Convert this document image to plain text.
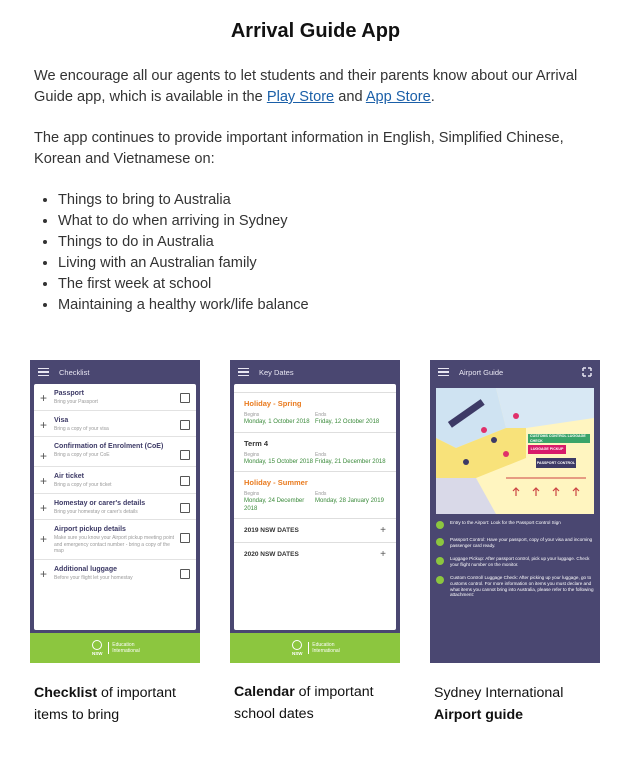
Arrival Guide App

We encourage all our agents to let students and their parents know about our Arrival Guide app, which is available in the Play Store and App Store.

The app continues to provide important information in English, Simplified Chinese, Korean and Vietnamese on:

• Things to bring to Australia
• What to do when arriving in Sydney
• Things to do in Australia
• Living with an Australian family
• The first week at school
• Maintaining a healthy work/life balance
Checklist
+ Passport
Bring your Passport
+ Visa
Bring a copy of your visa
+
Confirmation of Enrolment (CoE)
Bring a copy of your CoE
+ Air ticket
Bring a copy of your ticket
+ Homestay or carer's details
Bring your homestay or carer's details
+
Airport pickup details
Make sure you know your Airport pickup meeting point and emergency contact number - bring a copy of the map
+ Additional luggage
Before your flight let your homestay
NSW
Education
International
Key Dates
Holiday - Spring
Begins
Monday, 1 October 2018
Ends
Friday, 12 October 2018
Term 4
Begins
Monday, 15 October 2018
Ends
Friday, 21 December 2018
Holiday - Summer
Begins
Monday, 24 December 2018
Ends
Monday, 28 January 2019
2019 NSW DATES	+
2020 NSW DATES	+
NSW
Education
International
Airport Guide
CUSTOMS CONTROL LUGGAGE CHECK
LUGGAGE PICKUP
PASSPORT CONTROL
Entry to the Airport: Look for the Passport Control Sign
Passport Control: Have your passport, copy of your visa and incoming passenger card ready.
Luggage Pickup: After passport control, pick up your luggage. Check your flight number on the monitor.
Custom Control/ Luggage Check: After picking up your luggage, go to customs control. For more information on items you must declare and what items you cannot bring into Australia, please refer to the following attachment:
Checklist of important items to bring
Calendar of important school dates
Sydney International Airport guide
